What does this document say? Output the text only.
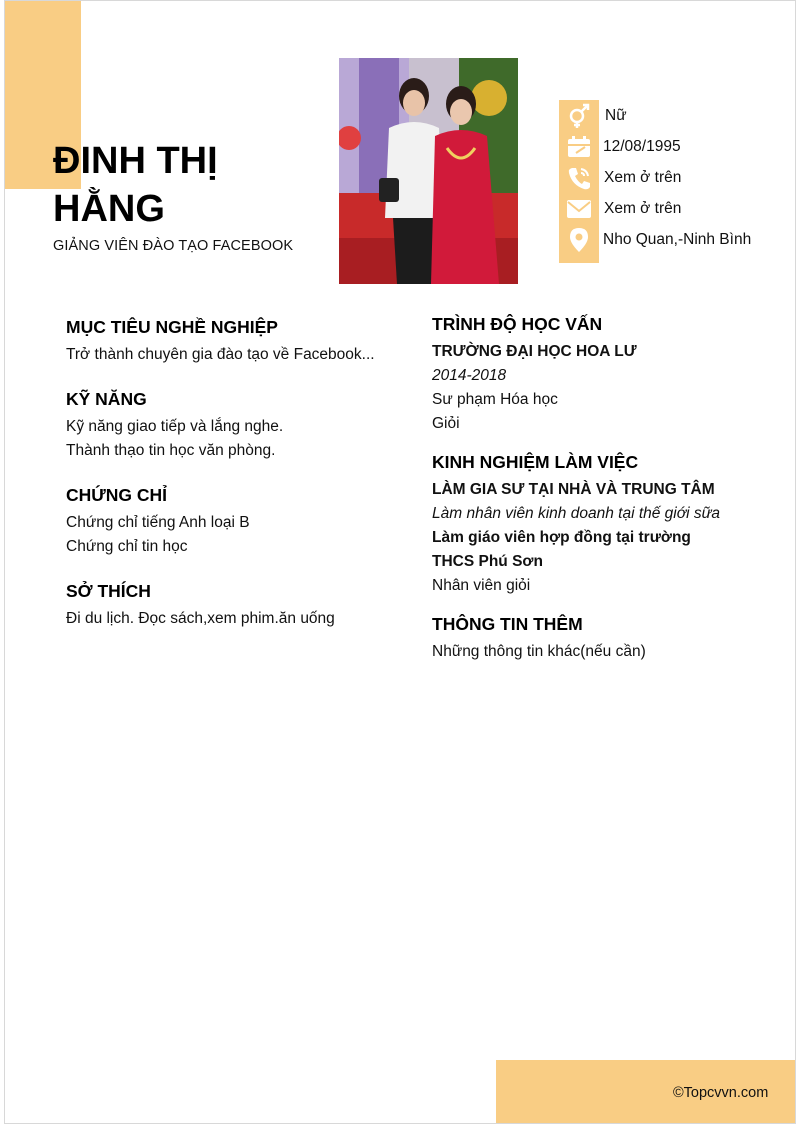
ĐINH THỊ
HẰNG
GIẢNG VIÊN ĐÀO TẠO FACEBOOK
Nữ
12/08/1995
Xem ở trên
Xem ở trên
Nho Quan,-Ninh Bình
MỤC TIÊU NGHỀ NGHIỆP
Trở thành chuyên gia đào tạo về Facebook...
KỸ NĂNG
Kỹ năng giao tiếp và lắng nghe.
Thành thạo tin học văn phòng.
CHỨNG CHỈ
Chứng chỉ tiếng Anh loại B
Chứng chỉ tin học
SỞ THÍCH
Đi du lịch. Đọc sách,xem phim.ăn uống
TRÌNH ĐỘ HỌC VẤN
TRƯỜNG ĐẠI HỌC HOA LƯ
2014-2018
Sư phạm Hóa học
Giỏi
KINH NGHIỆM LÀM VIỆC
LÀM GIA SƯ TẠI NHÀ VÀ TRUNG TÂM
Làm nhân viên kinh doanh tại thế giới sữa
Làm giáo viên hợp đồng tại trường THCS Phú Sơn
Nhân viên giỏi
THÔNG TIN THÊM
Những thông tin khác(nếu cần)
©Topcvvn.com
